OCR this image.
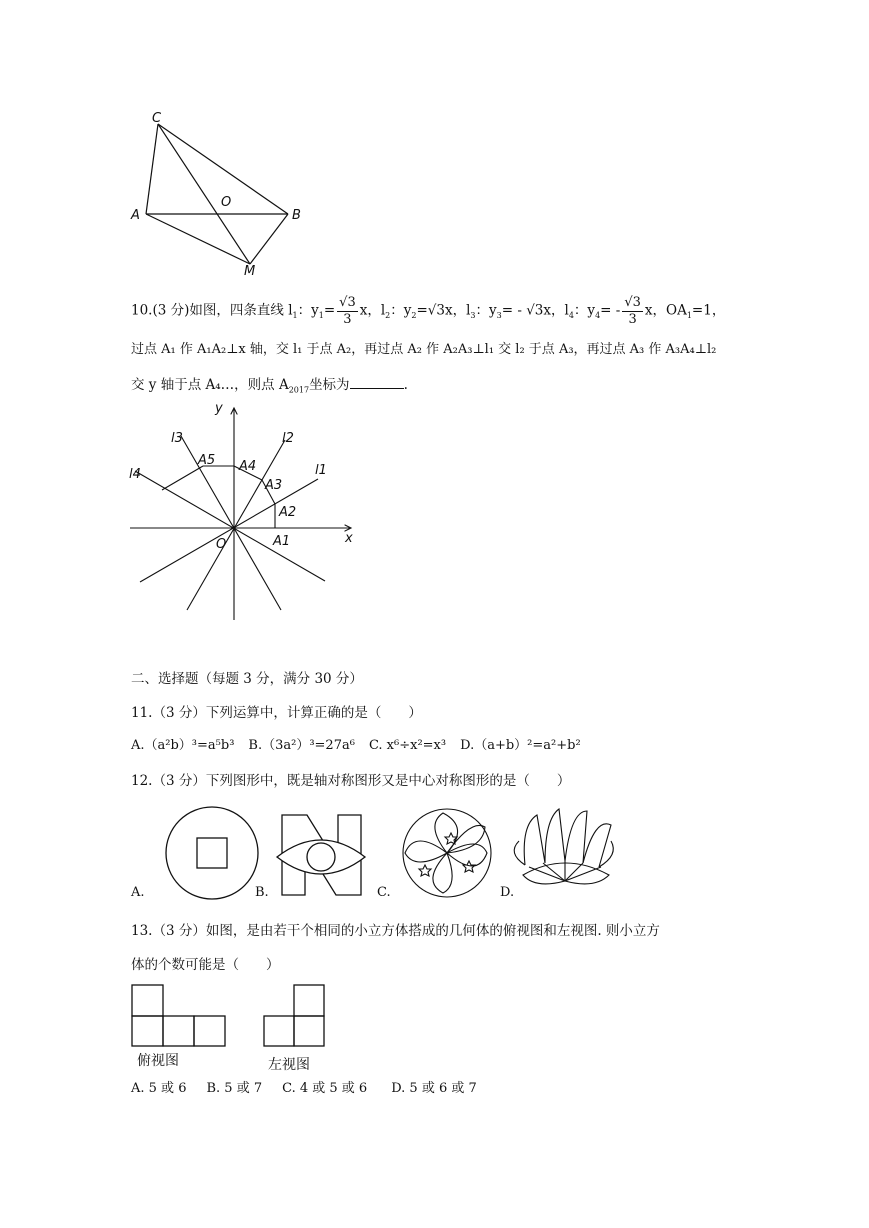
C
O
A	B
M
10.(3 分)如图，四条直线 $l_1$：$y_1= \frac{√3}{3}$ x，$l_2$：$y_2=√3x$，$l_3$：$y_3= - √3x$，$l_4$：$y_4= - \frac{√3}{3}$ x，$OA_1=1$，
过点 A₁ 作 A₁A₂⊥x 轴，交 l₁ 于点 A₂，再过点 A₂ 作 A₂A₃⊥l₁ 交 l₂ 于点 A₃，再过点 A₃ 作 A₃A₄⊥l₂
交 y 轴于点 A₄…，则点 $A_{2017}$坐标为	.
y
x
O
l1
l2
l3
l4
A1
A2
A3
A4
A5
二、选择题（每题 3 分，满分 30 分）
11.（3 分）下列运算中，计算正确的是（　　）
A.（a²b）³=a⁵b³ B.（3a²）³=27a⁶ C. x⁶÷x²=x³ D.（a+b）²=a²+b²
12.（3 分）下列图形中，既是轴对称图形又是中心对称图形的是（　　）
A.	B.	C.	D.
13.（3 分）如图，是由若干个相同的小立方体搭成的几何体的俯视图和左视图. 则小立方
体的个数可能是（　　）
俯视图	左视图
A. 5 或 6 B. 5 或 7 C. 4 或 5 或 6 D. 5 或 6 或 7
